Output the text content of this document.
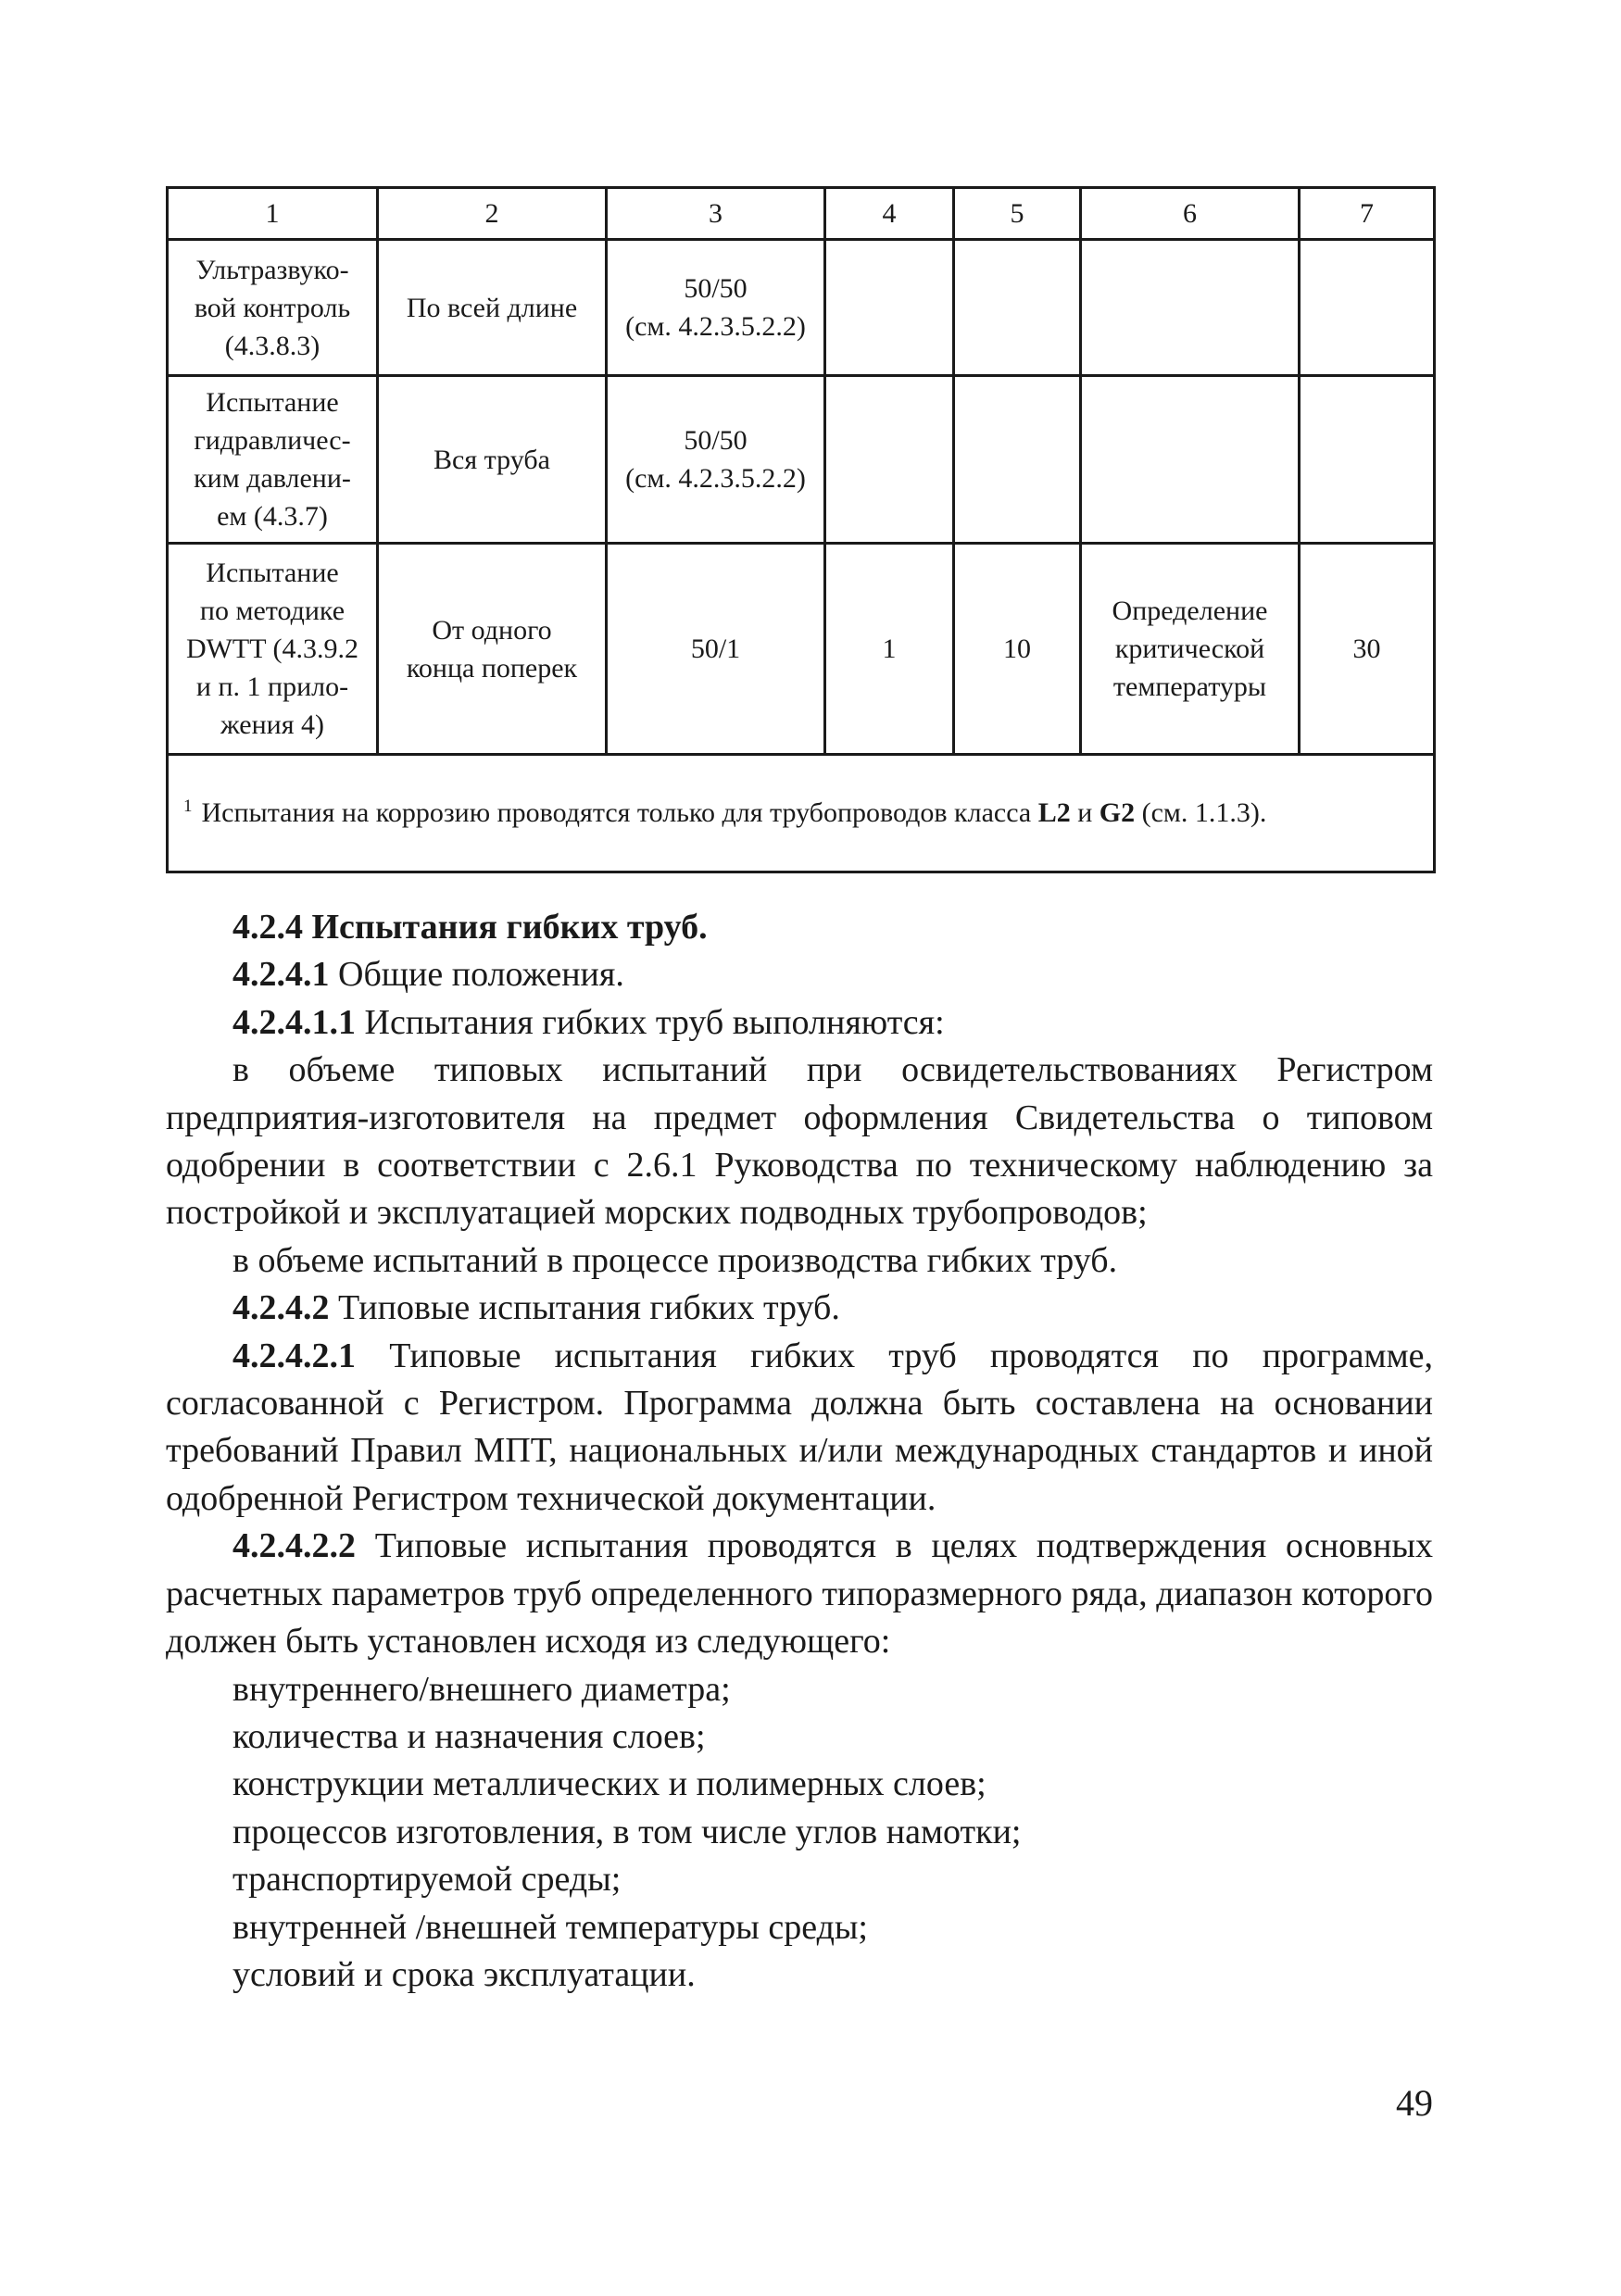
1	2	3	4	5	6	7
Ультразвуко-
вой контроль
(4.3.8.3)	По всей длине	50/50
(см. 4.2.3.5.2.2)				
Испытание
гидравличес-
ким давлени-
ем (4.3.7)	Вся труба	50/50
(см. 4.2.3.5.2.2)				
Испытание
по методике
DWTT (4.3.9.2
и п. 1 прило-
жения 4)	От одного
конца поперек	50/1	1	10	Определение
критической
температуры	30
$^1$ Испытания на коррозию проводятся только для трубопроводов класса L2 и G2 (см. 1.1.3).						

4.2.4 Испытания гибких труб.

4.2.4.1 Общие положения.

4.2.4.1.1 Испытания гибких труб выполняются:

в объеме типовых испытаний при освидетельствованиях Регистром предприятия-изготовителя на предмет оформления Свидетельства о типовом одобрении в соответствии с 2.6.1 Руководства по техническому наблюдению за постройкой и эксплуатацией морских подводных трубопроводов;

в объеме испытаний в процессе производства гибких труб.

4.2.4.2 Типовые испытания гибких труб.

4.2.4.2.1 Типовые испытания гибких труб проводятся по программе, согласованной с Регистром. Программа должна быть составлена на основании требований Правил МПТ, национальных и/или международных стандартов и иной одобренной Регистром технической документации.

4.2.4.2.2 Типовые испытания проводятся в целях подтверждения основных расчетных параметров труб определенного типоразмерного ряда, диапазон которого должен быть установлен исходя из следующего:

внутреннего/внешнего диаметра;

количества и назначения слоев;

конструкции металлических и полимерных слоев;

процессов изготовления, в том числе углов намотки;

транспортируемой среды;

внутренней /внешней температуры среды;

условий и срока эксплуатации.

49
